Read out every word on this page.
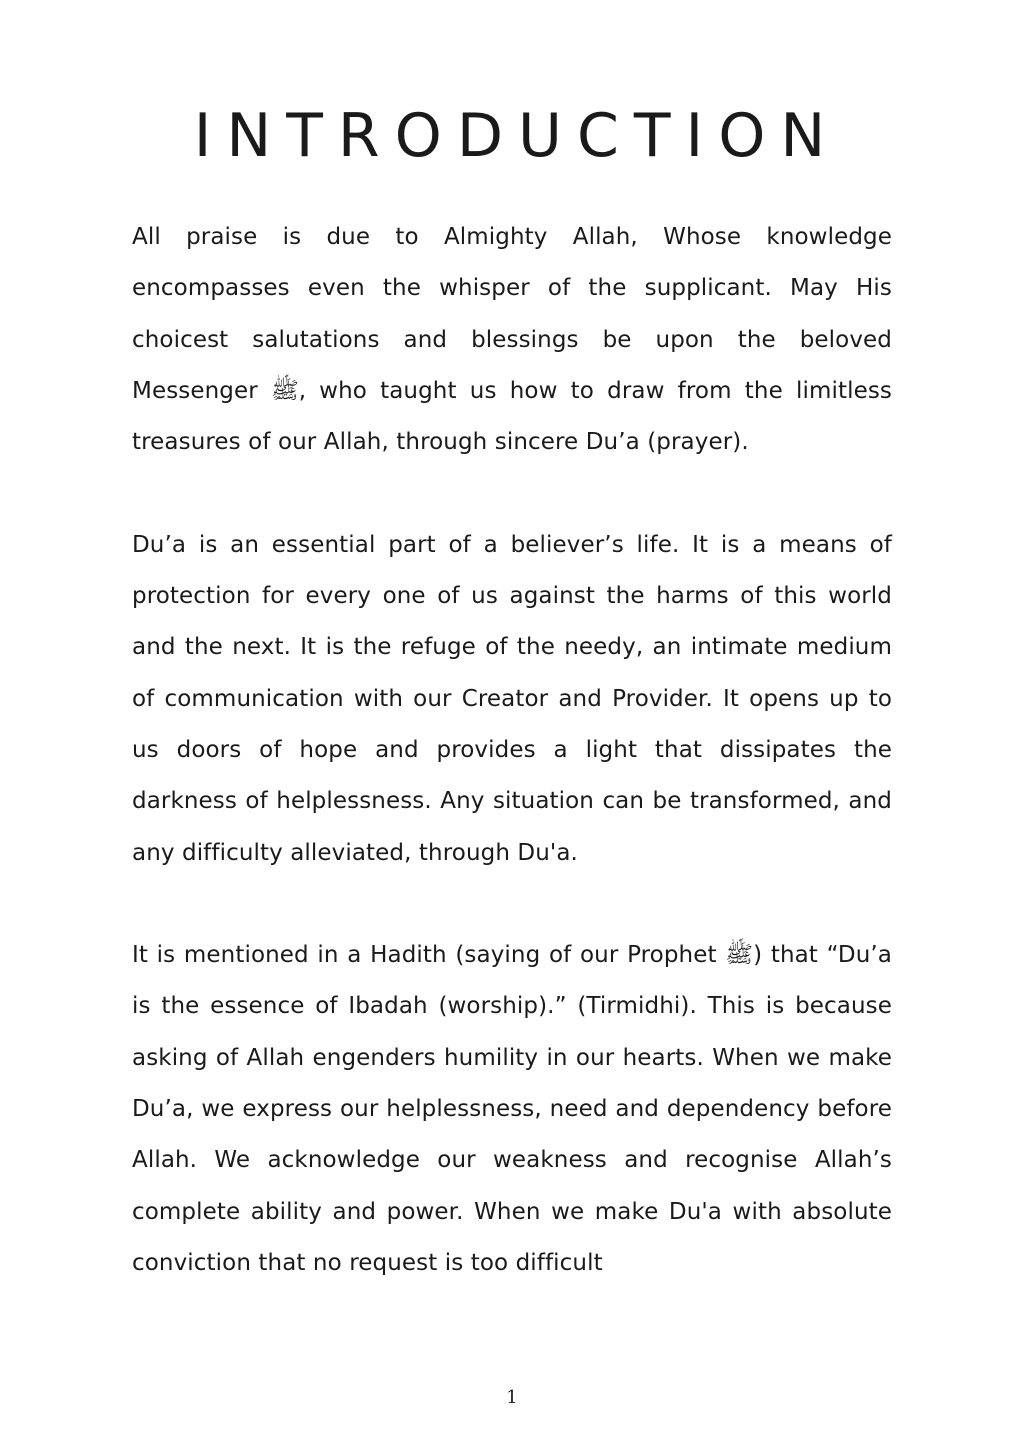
INTRODUCTION

All praise is due to Almighty Allah, Whose knowledge encompasses even the whisper of the supplicant. May His choicest salutations and blessings be upon the beloved Messenger ﷺ, who taught us how to draw from the limitless treasures of our Allah, through sincere Du’a (prayer).

Du’a is an essential part of a believer’s life. It is a means of protection for every one of us against the harms of this world and the next. It is the refuge of the needy, an intimate medium of communication with our Creator and Provider. It opens up to us doors of hope and provides a light that dissipates the darkness of helplessness. Any situation can be transformed, and any difficulty alleviated, through Du'a.

It is mentioned in a Hadith (saying of our Prophet ﷺ) that “Du’a is the essence of Ibadah (worship).” (Tirmidhi). This is because asking of Allah engenders humility in our hearts. When we make Du’a, we express our helplessness, need and dependency before Allah. We acknowledge our weakness and recognise Allah’s complete ability and power. When we make Du'a with absolute conviction that no request is too difficult

1
